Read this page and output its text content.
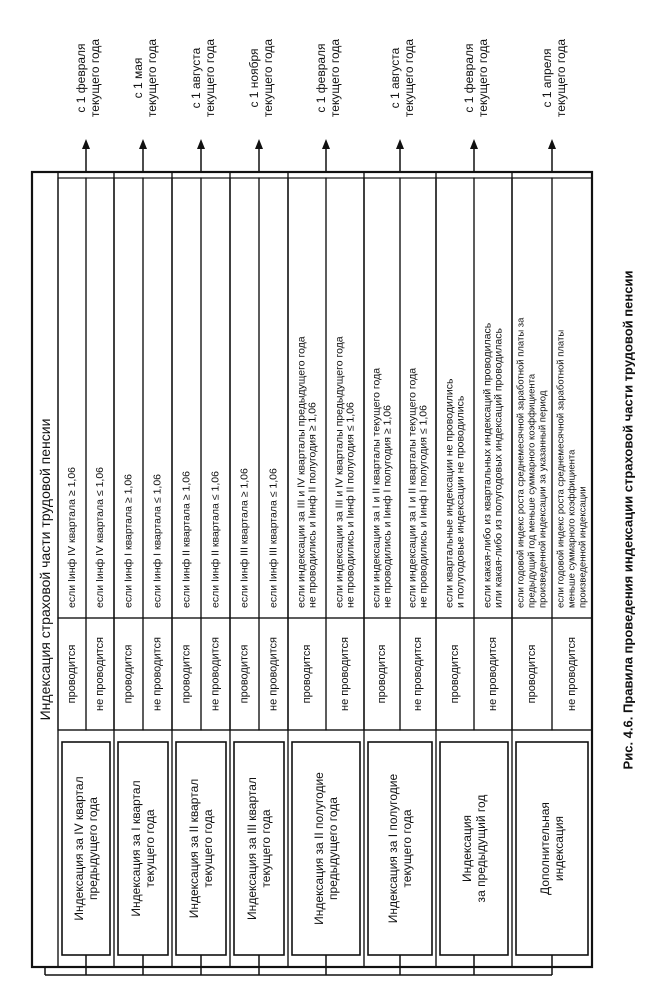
Индексация страховой части трудовой пенсии
Индексация за IV квартал предыдущего года
проводится
если Iинф IV квартала ≥ 1,06
не проводится
если Iинф IV квартала ≤ 1,06
с 1 февраля текущего года
Индексация за I квартал текущего года
проводится
если Iинф I квартала ≥ 1,06
не проводится
если Iинф I квартала ≤ 1,06
с 1 мая текущего года
Индексация за II квартал текущего года
проводится
если Iинф II квартала ≥ 1,06
не проводится
если Iинф II квартала ≤ 1,06
с 1 августа текущего года
Индексация за III квартал текущего года
проводится
если Iинф III квартала ≥ 1,06
не проводится
если Iинф III квартала ≤ 1,06
с 1 ноября текущего года
Индексация за II полугодие предыдущего года
проводится
если индексации за III и IV кварталы предыдущего года не проводились и Iинф II полугодия ≥ 1,06
не проводится
если индексации за III и IV кварталы предыдущего года не проводились и Iинф II полугодия ≤ 1,06
с 1 февраля текущего года
Индексация за I полугодие текущего года
проводится
если индексации за I и II кварталы текущего года не проводились и Iинф I полугодия ≥ 1,06
не проводится
если индексации за I и II кварталы текущего года не проводились и Iинф I полугодия ≤ 1,06
с 1 августа текущего года
Индексация за предыдущий год
проводится
если квартальные индексации не проводились и полугодовые индексации не проводились
не проводится
если какая-либо из квартальных индексаций проводилась или какая-либо из полугодовых индексаций проводилась
с 1 февраля текущего года
Дополнительная индексация
проводится
если годовой индекс роста среднемесячной заработной платы за предыдущий год меньше суммарного коэффициента произведенной индексации за указанный период
не проводится
если годовой индекс роста среднемесячной заработной платы меньше суммарного коэффициента произведенной индексации
с 1 апреля текущего года
Рис. 4.6. Правила проведения индексации страховой части трудовой пенсии
